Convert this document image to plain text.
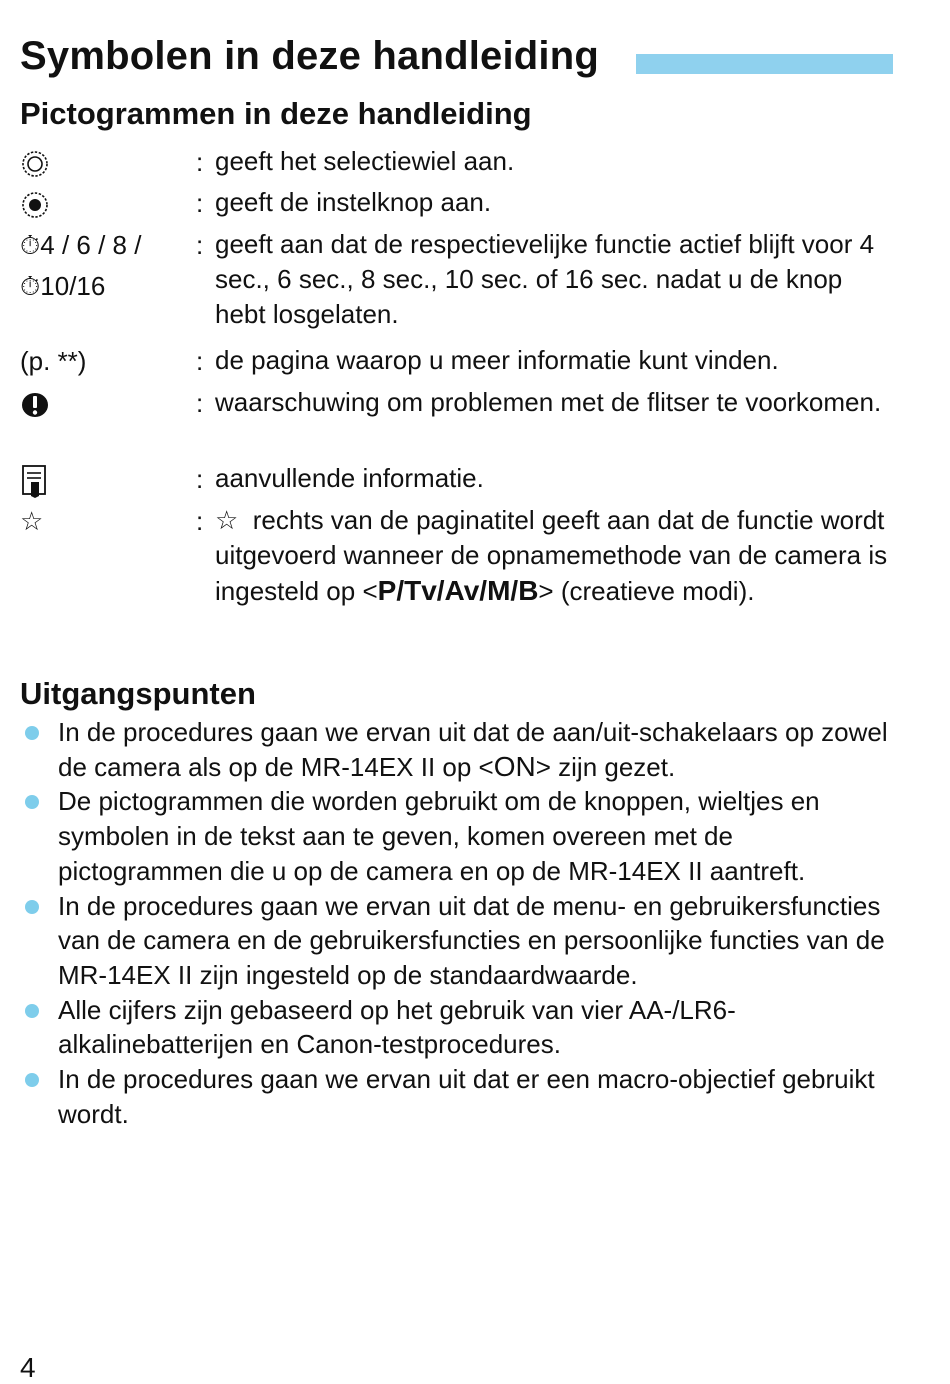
Symbolen in deze handleiding
Pictogrammen in deze handleiding
: geeft het selectiewiel aan.
: geeft de instelknop aan.
⏱4 / 6 / 8 /
⏱10/16
: geeft aan dat de respectievelijke functie actief blijft voor 4 sec., 6 sec., 8 sec., 10 sec. of 16 sec. nadat u de knop hebt losgelaten.
(p. **)	: de pagina waarop u meer informatie kunt vinden.
: waarschuwing om problemen met de flitser te voorkomen.
: aanvullende informatie.
☆	: ☆ rechts van de paginatitel geeft aan dat de functie wordt uitgevoerd wanneer de opnamemethode van de camera is ingesteld op <P/Tv/Av/M/B> (creatieve modi).
Uitgangspunten
In de procedures gaan we ervan uit dat de aan/uit-schakelaars op zowel de camera als op de MR-14EX II op <ON> zijn gezet.
De pictogrammen die worden gebruikt om de knoppen, wieltjes en symbolen in de tekst aan te geven, komen overeen met de pictogrammen die u op de camera en op de MR-14EX II aantreft.
In de procedures gaan we ervan uit dat de menu- en gebruikersfuncties van de camera en de gebruikersfuncties en persoonlijke functies van de MR-14EX II zijn ingesteld op de standaardwaarde.
Alle cijfers zijn gebaseerd op het gebruik van vier AA-/LR6-alkalinebatterijen en Canon-testprocedures.
In de procedures gaan we ervan uit dat er een macro-objectief gebruikt wordt.
4
